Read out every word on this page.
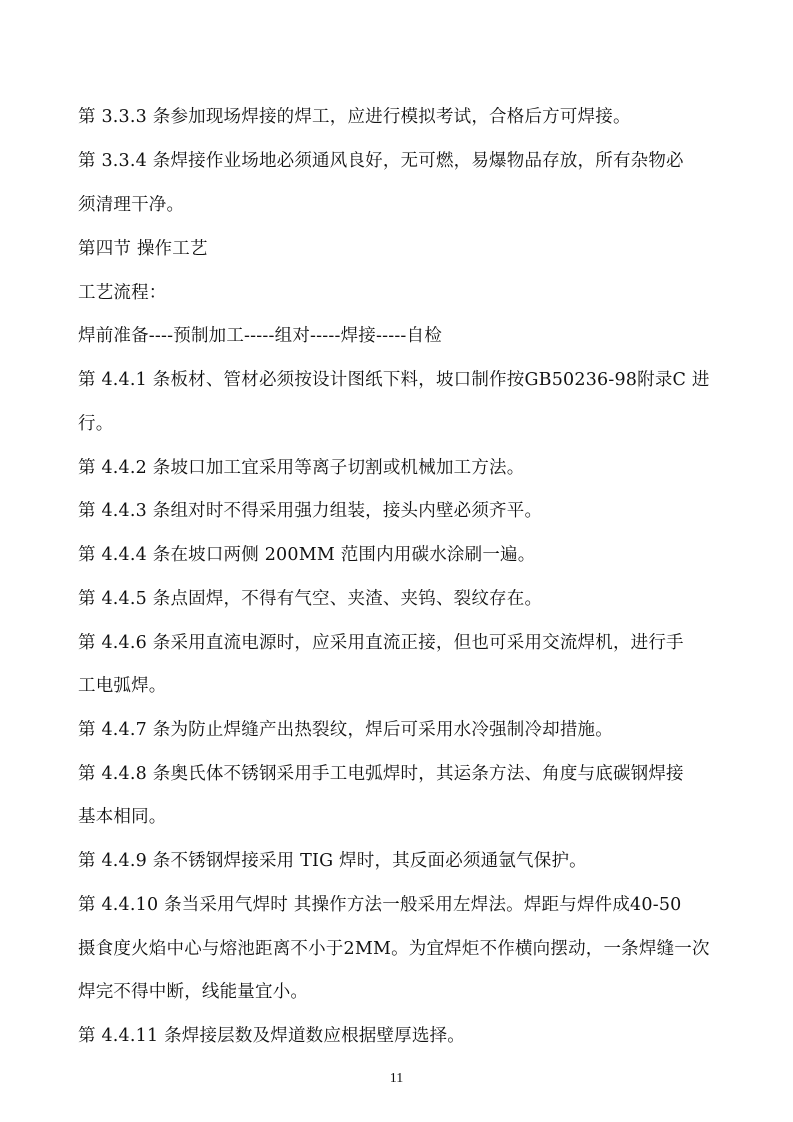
第 3.3.3 条参加现场焊接的焊工，应进行模拟考试，合格后方可焊接。
第 3.3.4 条焊接作业场地必须通风良好，无可燃，易爆物品存放，所有杂物必
须清理干净。
第四节 操作工艺
工艺流程：
焊前准备----预制加工-----组对-----焊接-----自检
第 4.4.1 条板材、管材必须按设计图纸下料，坡口制作按GB50236-98附录C 进
行。
第 4.4.2 条坡口加工宜采用等离子切割或机械加工方法。
第 4.4.3 条组对时不得采用强力组装，接头内壁必须齐平。
第 4.4.4 条在坡口两侧 200MM 范围内用碳水涂刷一遍。
第 4.4.5 条点固焊，不得有气空、夹渣、夹钨、裂纹存在。
第 4.4.6 条采用直流电源时，应采用直流正接，但也可采用交流焊机，进行手
工电弧焊。
第 4.4.7 条为防止焊缝产出热裂纹，焊后可采用水冷强制冷却措施。
第 4.4.8 条奥氏体不锈钢采用手工电弧焊时，其运条方法、角度与底碳钢焊接
基本相同。
第 4.4.9 条不锈钢焊接采用 TIG 焊时，其反面必须通氩气保护。
第 4.4.10 条当采用气焊时 其操作方法一般采用左焊法。焊距与焊件成40-50
摄食度火焰中心与熔池距离不小于2MM。为宜焊炬不作横向摆动，一条焊缝一次
焊完不得中断，线能量宜小。
第 4.4.11 条焊接层数及焊道数应根据壁厚选择。
11
